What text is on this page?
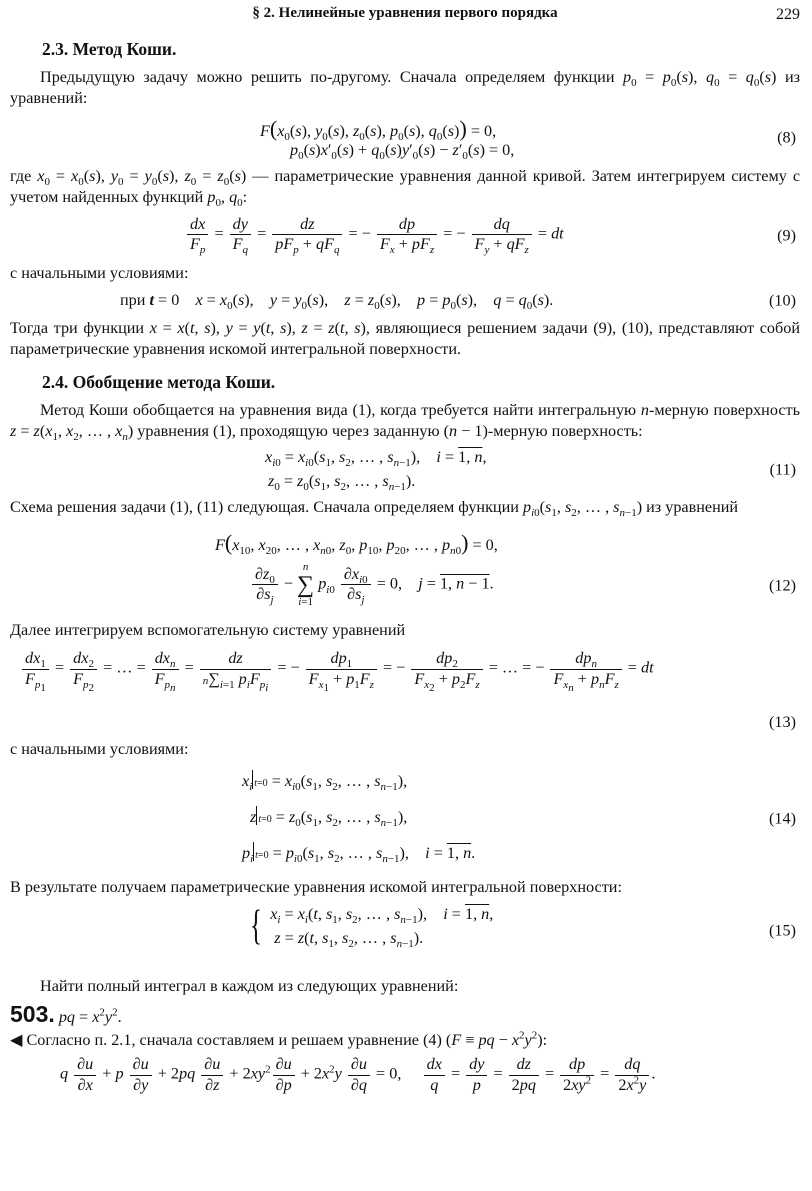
§ 2. Нелинейные уравнения первого порядка	229
2.3. Метод Коши.

Предыдущую задачу можно решить по-другому. Сначала определяем функции $p_0 = p_0(s)$, $q_0 = q_0(s)$ из уравнений:

$F(x_0(s)$, $y_0(s)$, $z_0(s)$, $p_0(s)$, $q_0(s)) = 0$,
$p_0(s)x'_0(s) + q_0(s)y'_0(s) - z'_0(s) = 0$,
(8)

где $x_0 = x_0(s)$, $y_0 = y_0(s)$, $z_0 = z_0(s)$ — параметрические уравнения данной кривой. Затем интегрируем систему с учетом найденных функций $p_0$, $q_0$:

$\frac{dx}{F_p} = \frac{dy}{F_q} = \frac{dz}{pF_p + qF_q}$ = − $\frac{dp}{F_x + pF_z}$ = − $\frac{dq}{F_y + qF_z}$ = dt	(9)

с начальными условиями:

при t = 0    $x = x_0(s)$,    $y = y_0(s)$,    $z = z_0(s)$,    $p = p_0(s)$,    $q = q_0(s)$.	(10)

Тогда три функции x = x(t, s), y = y(t, s), z = z(t, s), являющиеся решением задачи (9), (10), представляют собой параметрические уравнения искомой интегральной поверхности.

2.4. Обобщение метода Коши.

Метод Коши обобщается на уравнения вида (1), когда требуется найти интегральную n-мерную поверхность $z = z(x_1$, $x_2$, … , $x_n$) уравнения (1), проходящую через заданную (n − 1)-мерную поверхность:

$x_{i0} = x_{i0}(s_1$, $s_2$, … , $s_{n-1}$),    i = 1, n,
$z_0 = z_0(s_1$, $s_2$, … , $s_{n-1}$).
(11)

Схема решения задачи (1), (11) следующая. Сначала определяем функции $p_{i0}(s_1$, $s_2$, … , $s_{n-1}$) из уравнений

$F(x_{10}$, $x_{20}$, … , $x_{n0}$, $z_0$, $p_{10}$, $p_{20}$, … , $p_{n0}) = 0$,
$\frac{\partial z_0}{\partial s_j} - n$
∑
i=1 $p_{i0} \frac{\partial x_{i0}}{\partial s_j} = 0$,    j = 1, n − 1.	(12)

Далее интегрируем вспомогательную систему уравнений

$\frac{dx_1}{F_{p_1}} = \frac{dx_2}{F_{p_2}}$ = … = $\frac{dx_n}{F_{p_n}} = \frac{dz}{n\sum_{i=1} p_iF_{p_i}}$ = − $\frac{dp_1}{F_{x_1} + p_1F_z}$ = − $\frac{dp_2}{F_{x_2} + p_2F_z}$ = … = − $\frac{dp_n}{F_{x_n} + p_nF_z}$ = dt
(13)

с начальными условиями:

$x_i$ $t=0 = x_{i0}(s_1$, $s_2$, … , $s_{n-1}$),
$zt=0 = z_0(s_1$, $s_2$, … , $s_{n-1}$),
$p_i$ $t=0 = p_{i0}(s_1$, $s_2$, … , $s_{n-1}$),    i = 1, n.
(14)

В результате получаем параметрические уравнения искомой интегральной поверхности:

{ $x_i = x_i(t$, $s_1$, $s_2$, … , $s_{n-1}$),    i = 1, n,
z = z(t, $s_1$, $s_2$, … , $s_{n-1}$).	(15)

Найти полный интеграл в каждом из следующих уравнений:

503. pq = $x^2y^2$.

◀ Согласно п. 2.1, сначала составляем и решаем уравнение (4) (F ≡ pq − $x^2y^2$):

q $\frac{\partial u}{\partial x} + p \frac{\partial u}{\partial y} + 2pq \frac{\partial u}{\partial z} + 2xy^2 \frac{\partial u}{\partial p} + 2x^2y \frac{\partial u}{\partial q} = 0$, $\frac{dx}{q} = \frac{dy}{p} = \frac{dz}{2pq} = \frac{dp}{2xy^2} = \frac{dq}{2x^2y}$ .
